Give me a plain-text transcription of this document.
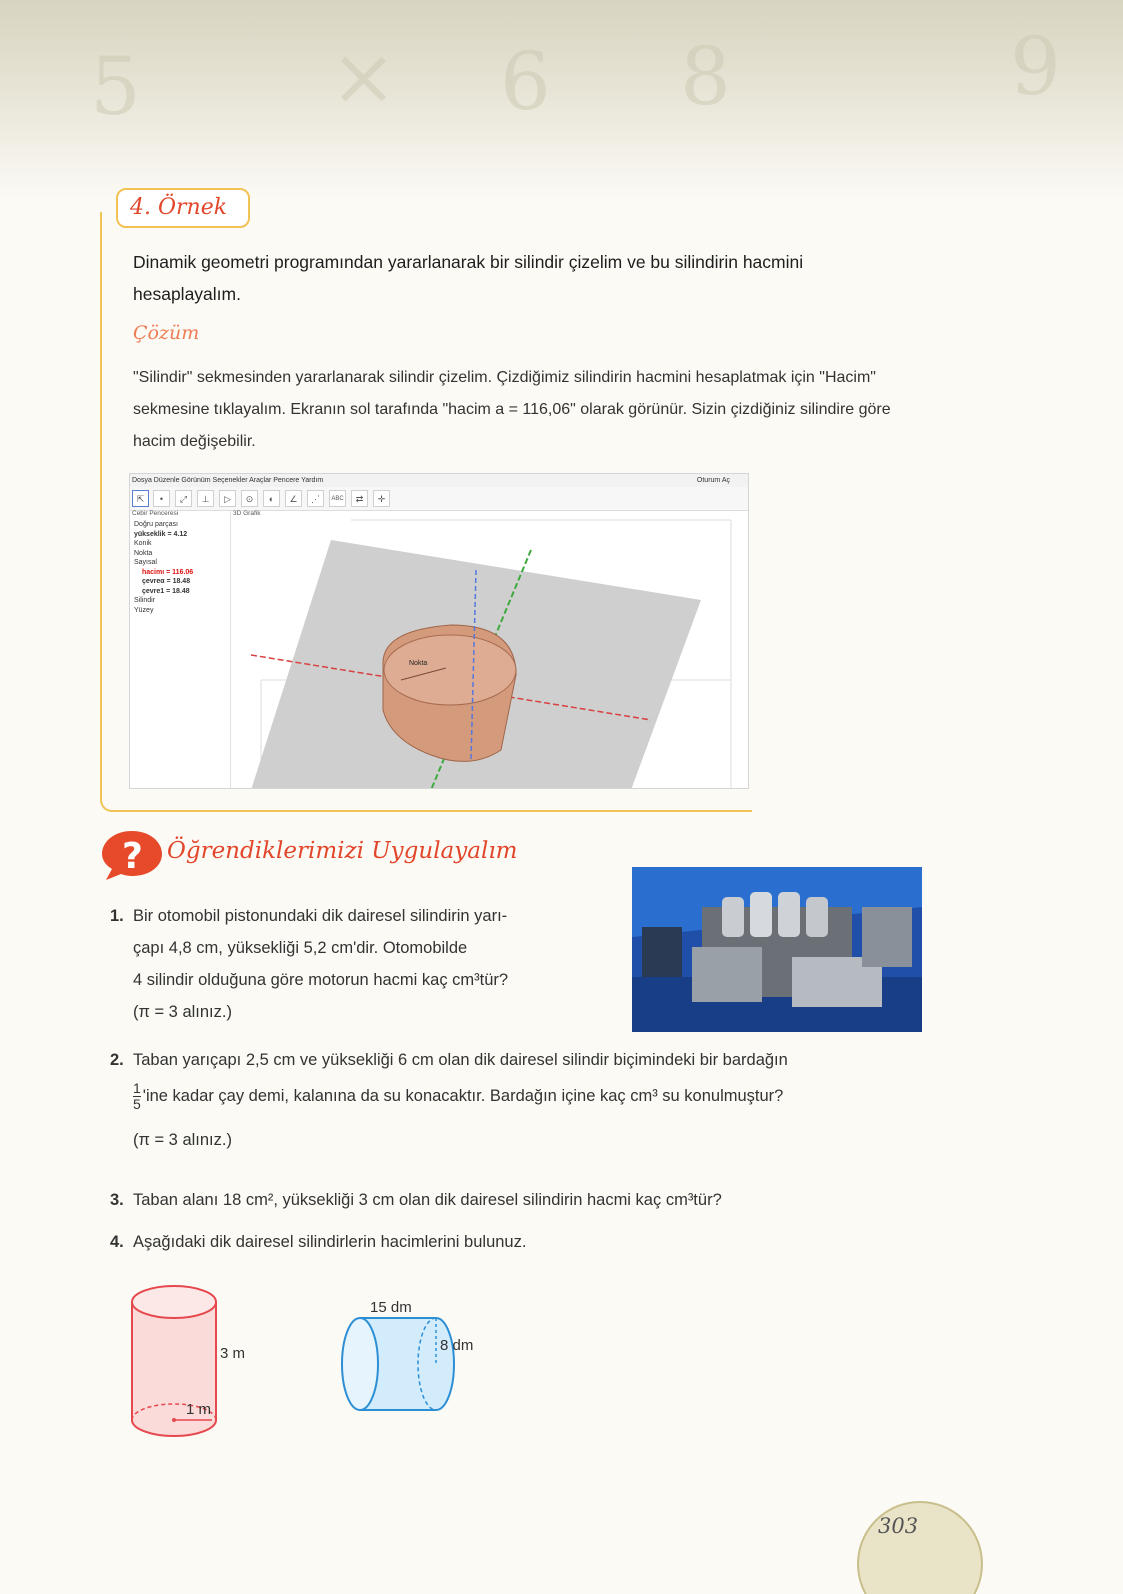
5 × 6 8	9
4. Örnek
Dinamik geometri programından yararlanarak bir silindir çizelim ve bu silindirin hacmini hesaplayalım.
Çözüm
"Silindir" sekmesinden yararlanarak silindir çizelim. Çizdiğimiz silindirin hacmini hesaplatmak için "Hacim" sekmesine tıklayalım. Ekranın sol tarafında "hacim a = 116,06" olarak görünür. Sizin çizdiğiniz silindire göre hacim değişebilir.
Dosya Düzenle Görünüm Seçenekler Araçlar Pencere Yardım	Oturum Aç
⇱	•	⤢	⊥	▷	⊙	◐	∠	⋰	ABC	⇄	✛
Cebir Penceresi
Doğru parçası
yükseklik = 4.12
Konik
Nokta
Sayısal
hacimı = 116.06
çevreα = 18.48
çevre1 = 18.48
Silindir
Yüzey
3D Grafik
Nokta
? Öğrendiklerimizi Uygulayalım
1. Bir otomobil pistonundaki dik dairesel silindirin yarı-
çapı 4,8 cm, yüksekliği 5,2 cm'dir. Otomobilde
4 silindir olduğuna göre motorun hacmi kaç cm³tür?
(π = 3 alınız.)
2. Taban yarıçapı 2,5 cm ve yüksekliği 6 cm olan dik dairesel silindir biçimindeki bir bardağın
$\frac{1}{5}$ 'ine kadar çay demi, kalanına da su konacaktır. Bardağın içine kaç cm³ su konulmuştur?
(π = 3 alınız.)
3. Taban alanı 18 cm², yüksekliği 3 cm olan dik dairesel silindirin hacmi kaç cm³tür?
4. Aşağıdaki dik dairesel silindirlerin hacimlerini bulunuz.
3 m
1 m
15 dm
8 dm
303
